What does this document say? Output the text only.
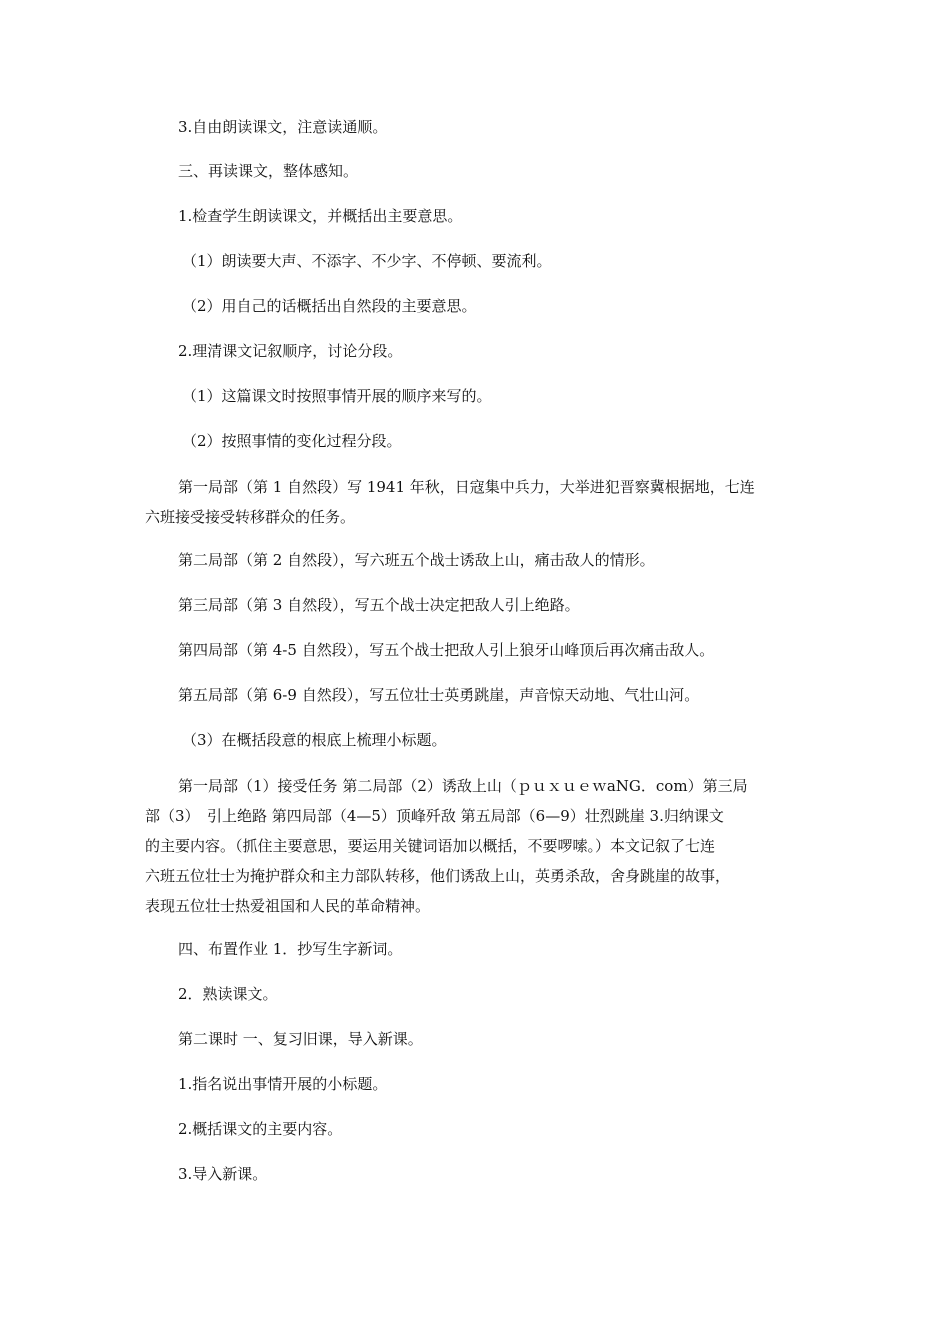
3.自由朗读课文，注意读通顺。

三、再读课文，整体感知。

1.检查学生朗读课文，并概括出主要意思。

（1）朗读要大声、不添字、不少字、不停顿、要流利。

（2）用自己的话概括出自然段的主要意思。

2.理清课文记叙顺序，讨论分段。

（1）这篇课文时按照事情开展的顺序来写的。

（2）按照事情的变化过程分段。

第一局部（第 1 自然段）写 1941 年秋，日寇集中兵力，大举进犯晋察冀根据地，七连
六班接受接受转移群众的任务。

第二局部（第 2 自然段），写六班五个战士诱敌上山，痛击敌人的情形。

第三局部（第 3 自然段），写五个战士决定把敌人引上绝路。

第四局部（第 4-5 自然段），写五个战士把敌人引上狼牙山峰顶后再次痛击敌人。

第五局部（第 6-9 自然段），写五位壮士英勇跳崖，声音惊天动地、气壮山河。

（3）在概括段意的根底上梳理小标题。

第一局部（1）接受任务 第二局部（2）诱敌上山（ｐｕｘｕｅｗaNG．com）第三局
部（3）　引上绝路 第四局部（4—5）顶峰歼敌 第五局部（6—9）壮烈跳崖 3.归纳课文
的主要内容。（抓住主要意思，要运用关键词语加以概括，不要啰嗦。）本文记叙了七连
六班五位壮士为掩护群众和主力部队转移，他们诱敌上山，英勇杀敌，舍身跳崖的故事，
表现五位壮士热爱祖国和人民的革命精神。

四、布置作业 1．抄写生字新词。

2．熟读课文。

第二课时 一、复习旧课，导入新课。

1.指名说出事情开展的小标题。

2.概括课文的主要内容。

3.导入新课。
